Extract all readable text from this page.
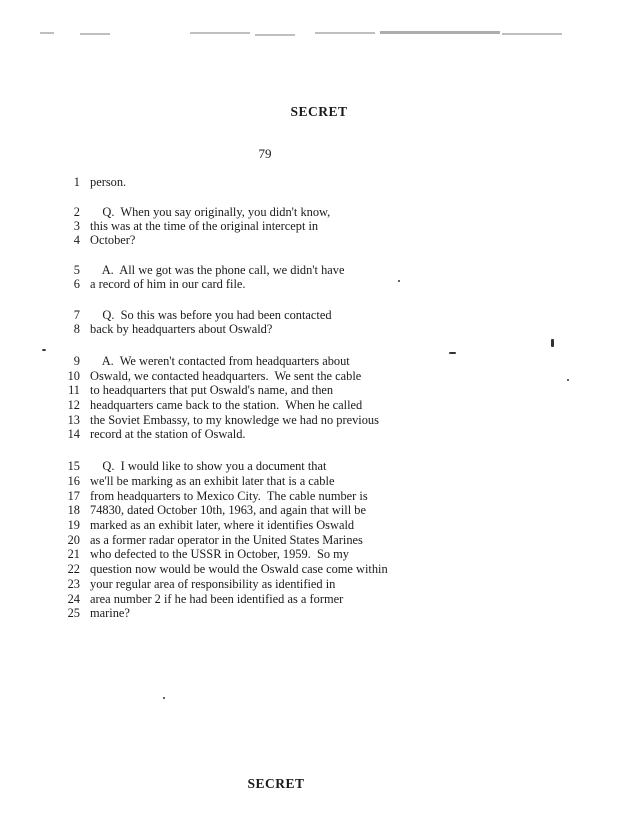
SECRET
79
1 person.
2 Q.  When you say originally, you didn't know,
3 this was at the time of the original intercept in
4 October?
5 A.  All we got was the phone call, we didn't have
6 a record of him in our card file.
7 Q.  So this was before you had been contacted
8 back by headquarters about Oswald?
9 A.  We weren't contacted from headquarters about
10 Oswald, we contacted headquarters.  We sent the cable
11 to headquarters that put Oswald's name, and then
12 headquarters came back to the station.  When he called
13 the Soviet Embassy, to my knowledge we had no previous
14 record at the station of Oswald.
15 Q.  I would like to show you a document that
16 we'll be marking as an exhibit later that is a cable
17 from headquarters to Mexico City.  The cable number is
18 74830, dated October 10th, 1963, and again that will be
19 marked as an exhibit later, where it identifies Oswald
20 as a former radar operator in the United States Marines
21 who defected to the USSR in October, 1959.  So my
22 question now would be would the Oswald case come within
23 your regular area of responsibility as identified in
24 area number 2 if he had been identified as a former
25 marine?
SECRET
